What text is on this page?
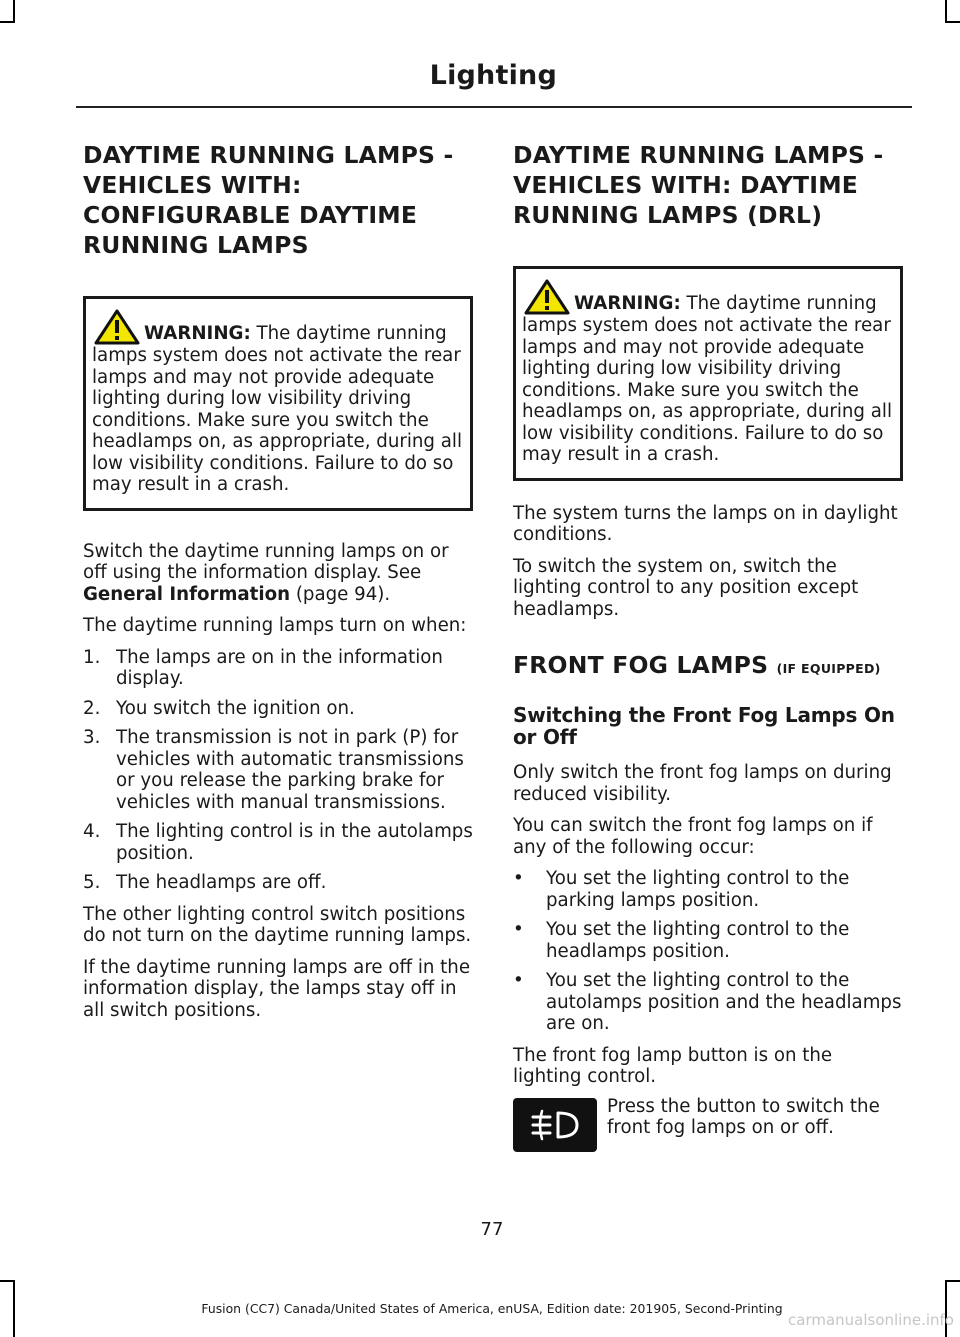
Lighting
DAYTIME RUNNING LAMPS - VEHICLES WITH: CONFIGURABLE DAYTIME RUNNING LAMPS
WARNING: The daytime running lamps system does not activate the rear lamps and may not provide adequate lighting during low visibility driving conditions. Make sure you switch the headlamps on, as appropriate, during all low visibility conditions. Failure to do so may result in a crash.

Switch the daytime running lamps on or off using the information display. See General Information (page 94).

The daytime running lamps turn on when:

1. The lamps are on in the information display.
2. You switch the ignition on.
3. The transmission is not in park (P) for vehicles with automatic transmissions or you release the parking brake for vehicles with manual transmissions.
4. The lighting control is in the autolamps position.
5. The headlamps are off.

The other lighting control switch positions do not turn on the daytime running lamps.

If the daytime running lamps are off in the information display, the lamps stay off in all switch positions.

DAYTIME RUNNING LAMPS - VEHICLES WITH: DAYTIME RUNNING LAMPS (DRL)
WARNING: The daytime running lamps system does not activate the rear lamps and may not provide adequate lighting during low visibility driving conditions. Make sure you switch the headlamps on, as appropriate, during all low visibility conditions. Failure to do so may result in a crash.

The system turns the lamps on in daylight conditions.

To switch the system on, switch the lighting control to any position except headlamps.

FRONT FOG LAMPS (IF EQUIPPED)
Switching the Front Fog Lamps On or Off

Only switch the front fog lamps on during reduced visibility.

You can switch the front fog lamps on if any of the following occur:

• You set the lighting control to the parking lamps position.
• You set the lighting control to the headlamps position.
• You set the lighting control to the autolamps position and the headlamps are on.

The front fog lamp button is on the lighting control.

Press the button to switch the front fog lamps on or off.

77
Fusion (CC7) Canada/United States of America, enUSA, Edition date: 201905, Second-Printing
carmanualsonline.info
